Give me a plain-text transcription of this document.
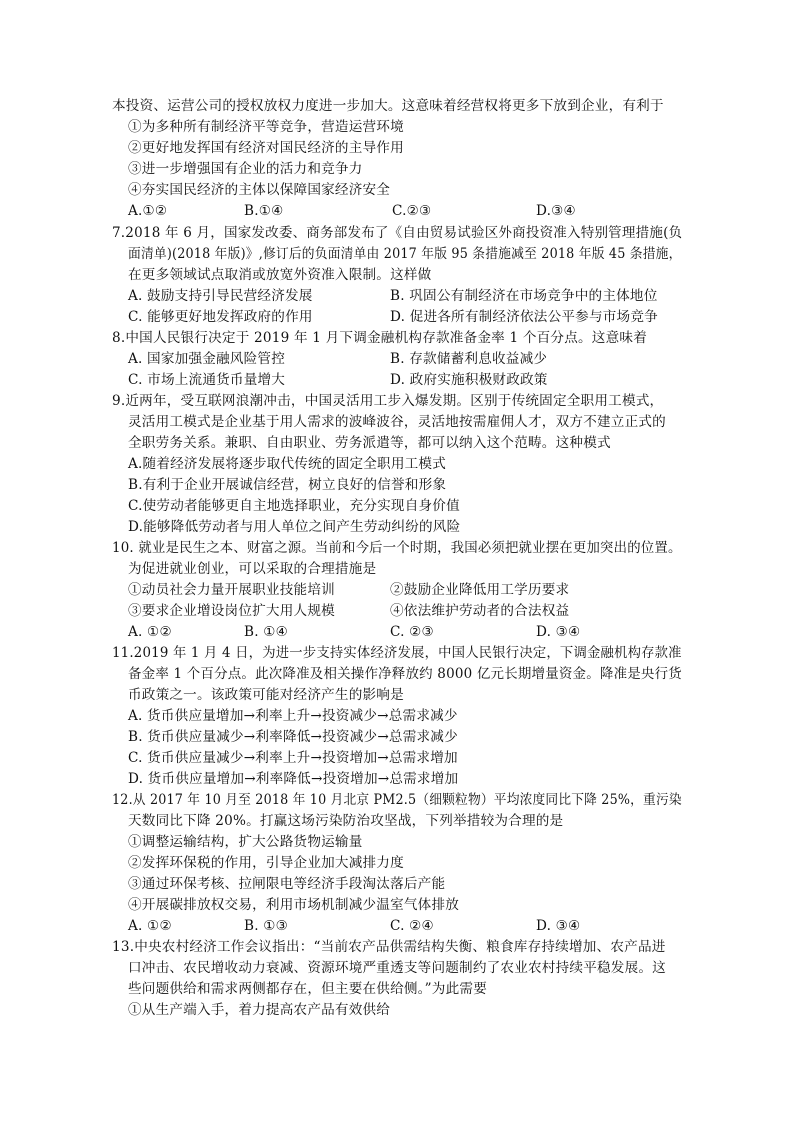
本投资、运营公司的授权放权力度进一步加大。这意味着经营权将更多下放到企业，有利于
①为多种所有制经济平等竞争，营造运营环境
②更好地发挥国有经济对国民经济的主导作用
③进一步增强国有企业的活力和竞争力
④夯实国民经济的主体以保障国家经济安全
A.①②	B.①④	C.②③	D.③④
7.2018 年 6 月，国家发改委、商务部发布了《自由贸易试验区外商投资准入特别管理措施(负
面清单)(2018 年版)》,修订后的负面清单由 2017 年版 95 条措施减至 2018 年版 45 条措施，
在更多领域试点取消或放宽外资准入限制。这样做
A. 鼓励支持引导民营经济发展	B. 巩固公有制经济在市场竞争中的主体地位
C. 能够更好地发挥政府的作用	D. 促进各所有制经济依法公平参与市场竞争
8.中国人民银行决定于 2019 年 1 月下调金融机构存款准备金率 1 个百分点。这意味着
A. 国家加强金融风险管控	B. 存款储蓄利息收益减少
C. 市场上流通货币量增大	D. 政府实施积极财政政策
9.近两年，受互联网浪潮冲击，中国灵活用工步入爆发期。区别于传统固定全职用工模式，
灵活用工模式是企业基于用人需求的波峰波谷，灵活地按需雇佣人才，双方不建立正式的
全职劳务关系。兼职、自由职业、劳务派遣等，都可以纳入这个范畴。这种模式
A.随着经济发展将逐步取代传统的固定全职用工模式
B.有利于企业开展诚信经营，树立良好的信誉和形象
C.使劳动者能够更自主地选择职业，充分实现自身价值
D.能够降低劳动者与用人单位之间产生劳动纠纷的风险
10. 就业是民生之本、财富之源。当前和今后一个时期，我国必须把就业摆在更加突出的位置。
为促进就业创业，可以采取的合理措施是
①动员社会力量开展职业技能培训	②鼓励企业降低用工学历要求
③要求企业增设岗位扩大用人规模	④依法维护劳动者的合法权益
A. ①②	B. ①④	C. ②③	D. ③④
11.2019 年 1 月 4 日，为进一步支持实体经济发展，中国人民银行决定，下调金融机构存款准
备金率 1 个百分点。此次降准及相关操作净释放约 8000 亿元长期增量资金。降准是央行货
币政策之一。该政策可能对经济产生的影响是
A. 货币供应量增加→利率上升→投资减少→总需求减少
B. 货币供应量减少→利率降低→投资减少→总需求减少
C. 货币供应量减少→利率上升→投资增加→总需求增加
D. 货币供应量增加→利率降低→投资增加→总需求增加
12.从 2017 年 10 月至 2018 年 10 月北京 PM2.5（细颗粒物）平均浓度同比下降 25%，重污染
天数同比下降 20%。打赢这场污染防治攻坚战，下列举措较为合理的是
①调整运输结构，扩大公路货物运输量
②发挥环保税的作用，引导企业加大减排力度
③通过环保考核、拉闸限电等经济手段淘汰落后产能
④开展碳排放权交易，利用市场机制减少温室气体排放
A. ①②	B. ①③	C. ②④	D. ③④
13.中央农村经济工作会议指出：“当前农产品供需结构失衡、粮食库存持续增加、农产品进
口冲击、农民增收动力衰减、资源环境严重透支等问题制约了农业农村持续平稳发展。这
些问题供给和需求两侧都存在，但主要在供给侧。”为此需要
①从生产端入手，着力提高农产品有效供给
